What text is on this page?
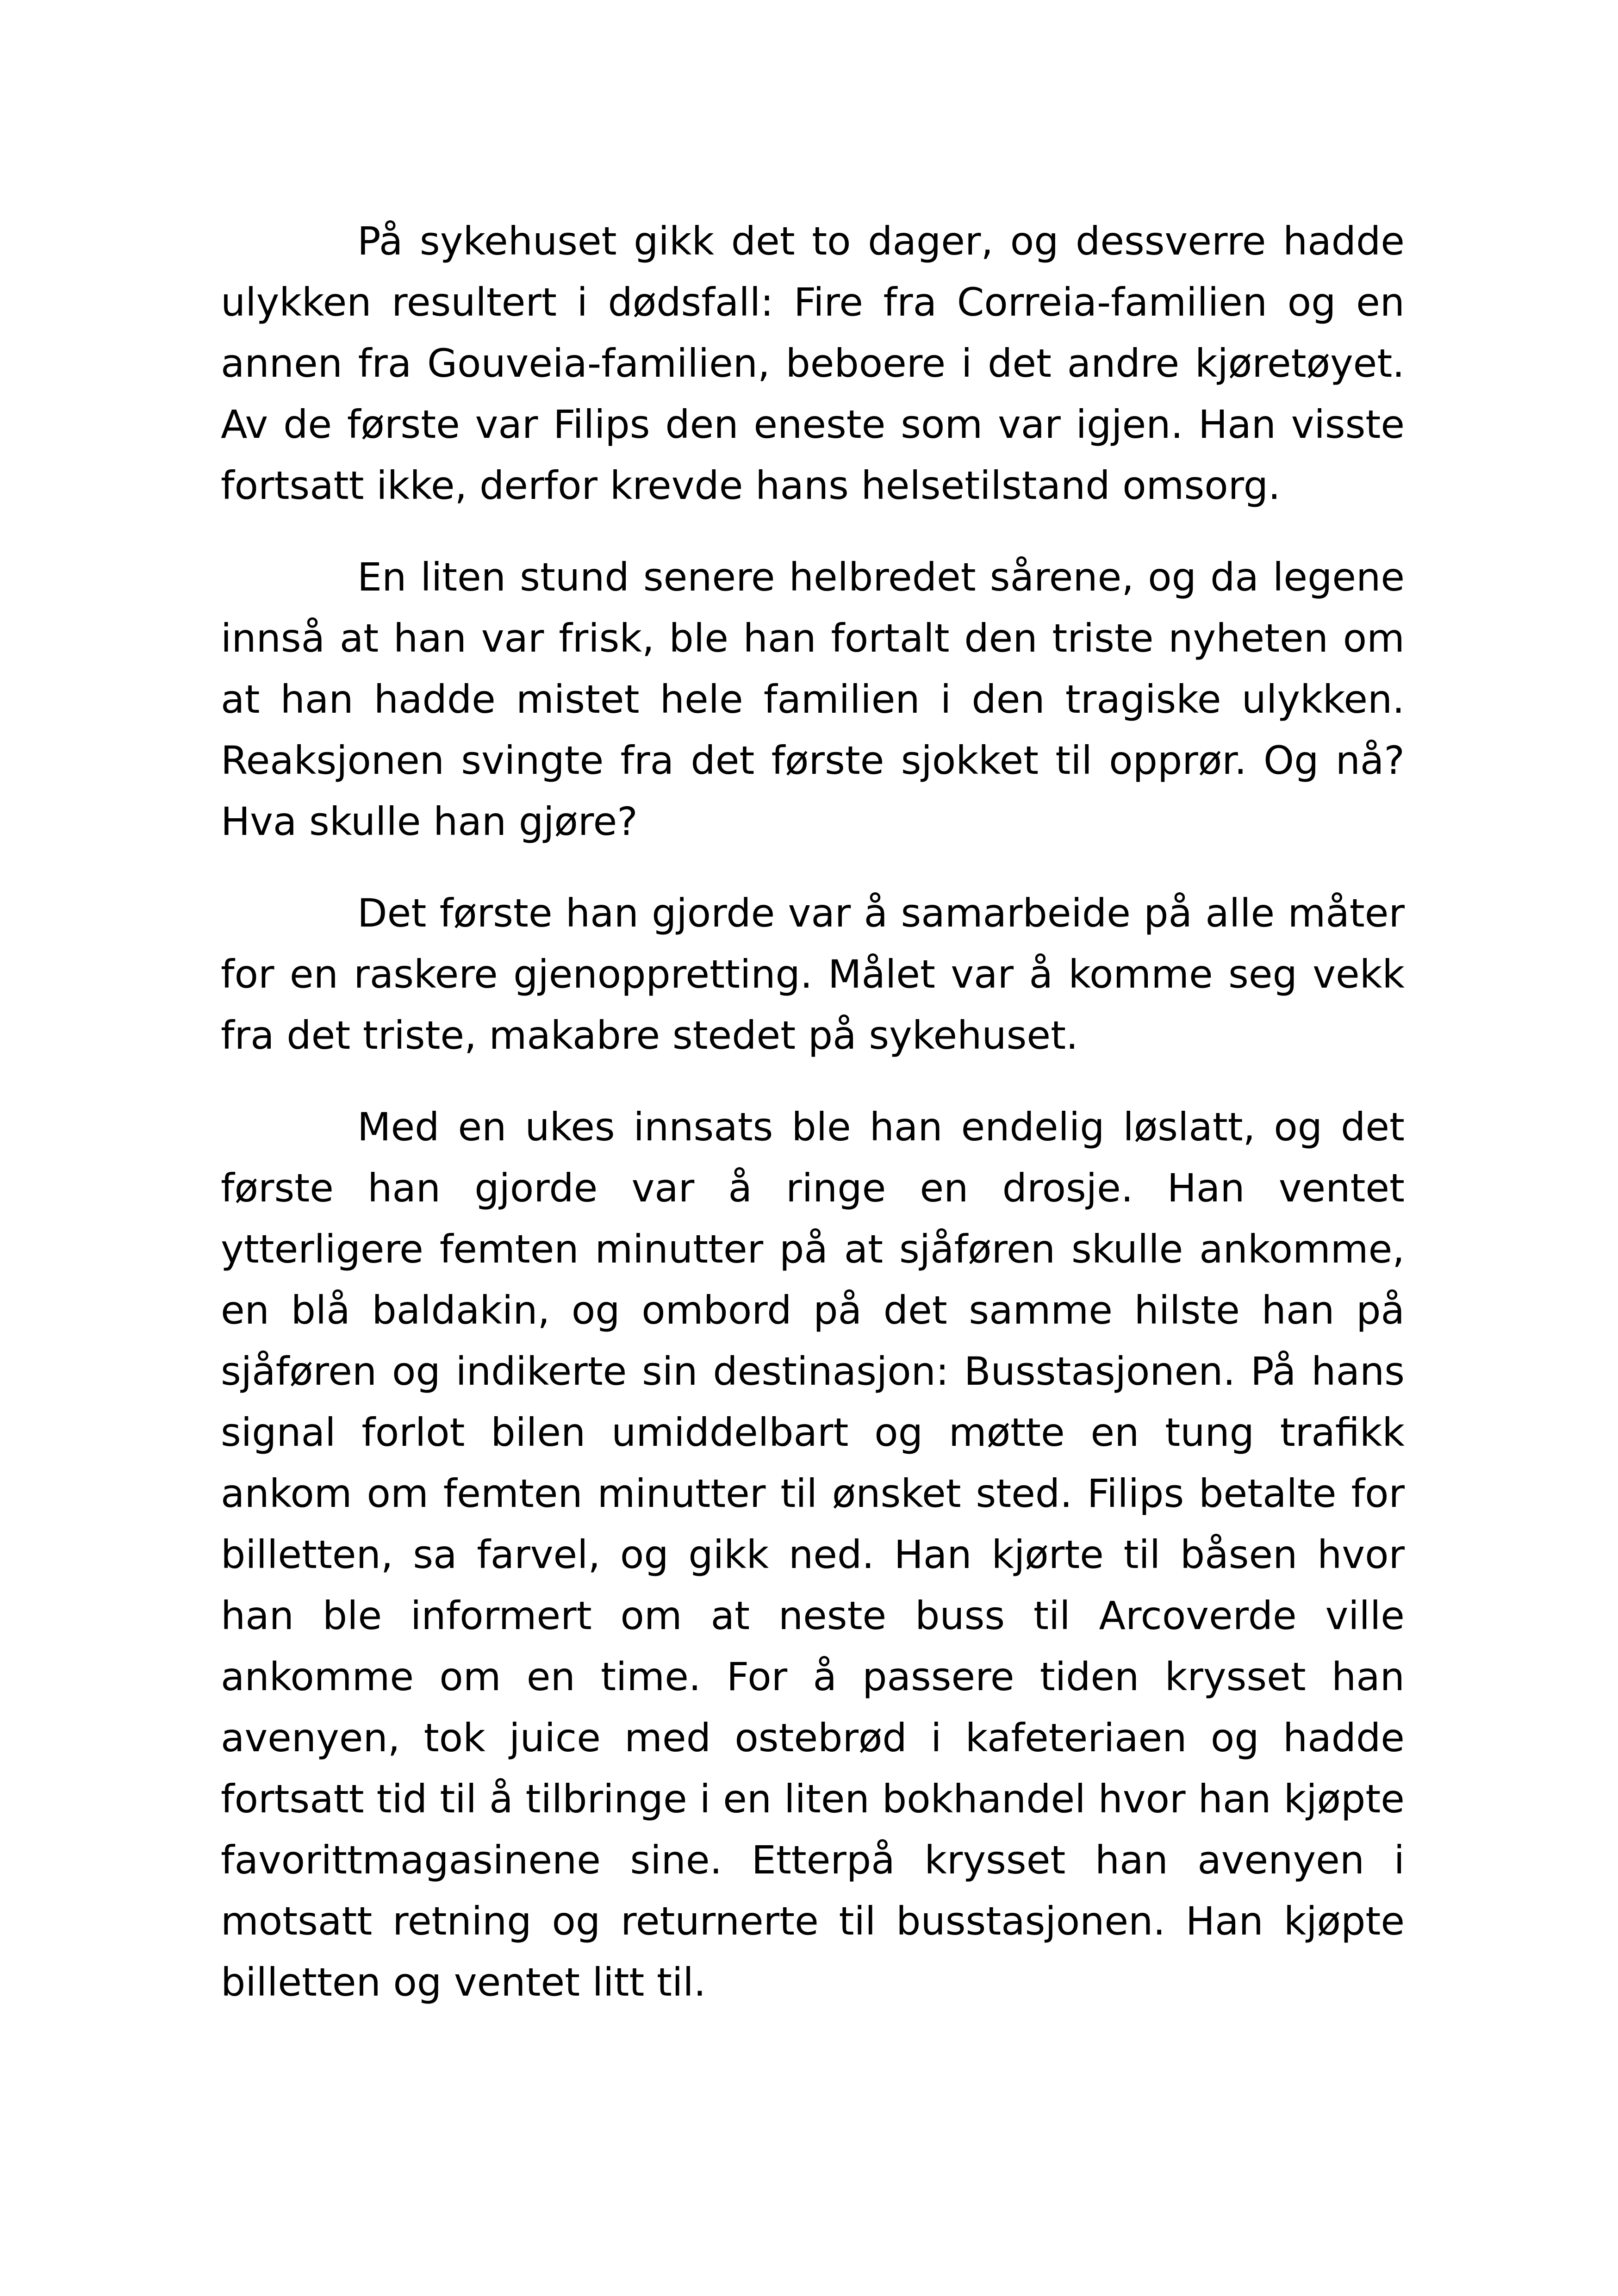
På sykehuset gikk det to dager, og dessverre hadde ulykken resultert i dødsfall: Fire fra Correia-familien og en annen fra Gouveia-familien, beboere i det andre kjøretøyet. Av de første var Filips den eneste som var igjen. Han visste fortsatt ikke, derfor krevde hans helsetilstand omsorg.

En liten stund senere helbredet sårene, og da legene innså at han var frisk, ble han fortalt den triste nyheten om at han hadde mistet hele familien i den tragiske ulykken. Reaksjonen svingte fra det første sjokket til opprør. Og nå? Hva skulle han gjøre?

Det første han gjorde var å samarbeide på alle måter for en raskere gjenoppretting. Målet var å komme seg vekk fra det triste, makabre stedet på sykehuset.

Med en ukes innsats ble han endelig løslatt, og det første han gjorde var å ringe en drosje. Han ventet ytterligere femten minutter på at sjåføren skulle ankomme, en blå baldakin, og ombord på det samme hilste han på sjåføren og indikerte sin destinasjon: Busstasjonen. På hans signal forlot bilen umiddelbart og møtte en tung trafikk ankom om femten minutter til ønsket sted. Filips betalte for billetten, sa farvel, og gikk ned. Han kjørte til båsen hvor han ble informert om at neste buss til Arcoverde ville ankomme om en time. For å passere tiden krysset han avenyen, tok juice med ostebrød i kafeteriaen og hadde fortsatt tid til å tilbringe i en liten bokhandel hvor han kjøpte favorittmagasinene sine. Etterpå krysset han avenyen i motsatt retning og returnerte til busstasjonen. Han kjøpte billetten og ventet litt til.
